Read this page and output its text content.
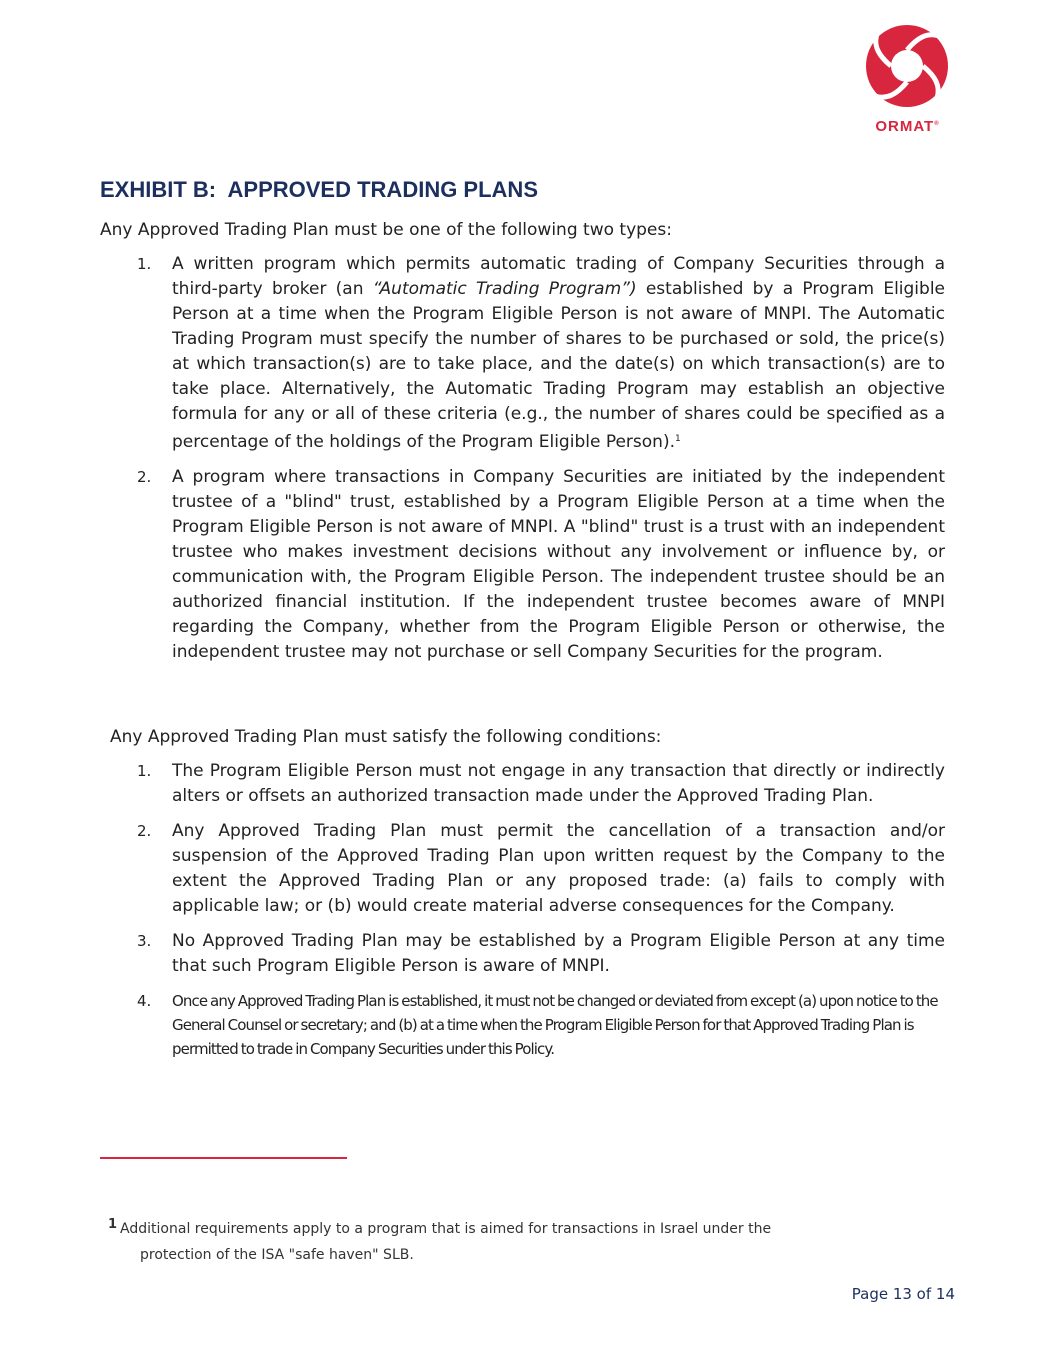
ORMAT®
EXHIBIT B:  APPROVED TRADING PLANS

Any Approved Trading Plan must be one of the following two types:

1. A written program which permits automatic trading of Company Securities through a third-party broker (an “Automatic Trading Program”) established by a Program Eligible Person at a time when the Program Eligible Person is not aware of MNPI. The Automatic Trading Program must specify the number of shares to be purchased or sold, the price(s) at which transaction(s) are to take place, and the date(s) on which transaction(s) are to take place. Alternatively, the Automatic Trading Program may establish an objective formula for any or all of these criteria (e.g., the number of shares could be specified as a percentage of the holdings of the Program Eligible Person).$^1$
2. A program where transactions in Company Securities are initiated by the independent trustee of a "blind" trust, established by a Program Eligible Person at a time when the Program Eligible Person is not aware of MNPI. A "blind" trust is a trust with an independent trustee who makes investment decisions without any involvement or influence by, or communication with, the Program Eligible Person. The independent trustee should be an authorized financial institution. If the independent trustee becomes aware of MNPI regarding the Company, whether from the Program Eligible Person or otherwise, the independent trustee may not purchase or sell Company Securities for the program.

Any Approved Trading Plan must satisfy the following conditions:

1. The Program Eligible Person must not engage in any transaction that directly or indirectly alters or offsets an authorized transaction made under the Approved Trading Plan.
2. Any Approved Trading Plan must permit the cancellation of a transaction and/or suspension of the Approved Trading Plan upon written request by the Company to the extent the Approved Trading Plan or any proposed trade: (a) fails to comply with applicable law; or (b) would create material adverse consequences for the Company.
3. No Approved Trading Plan may be established by a Program Eligible Person at any time that such Program Eligible Person is aware of MNPI.
4. Once any Approved Trading Plan is established, it must not be changed or deviated from except (a) upon notice to the General Counsel or secretary; and (b) at a time when the Program Eligible Person for that Approved Trading Plan is permitted to trade in Company Securities under this Policy.
1 Additional requirements apply to a program that is aimed for transactions in Israel under the
protection of the ISA "safe haven" SLB.
Page 13 of 14
